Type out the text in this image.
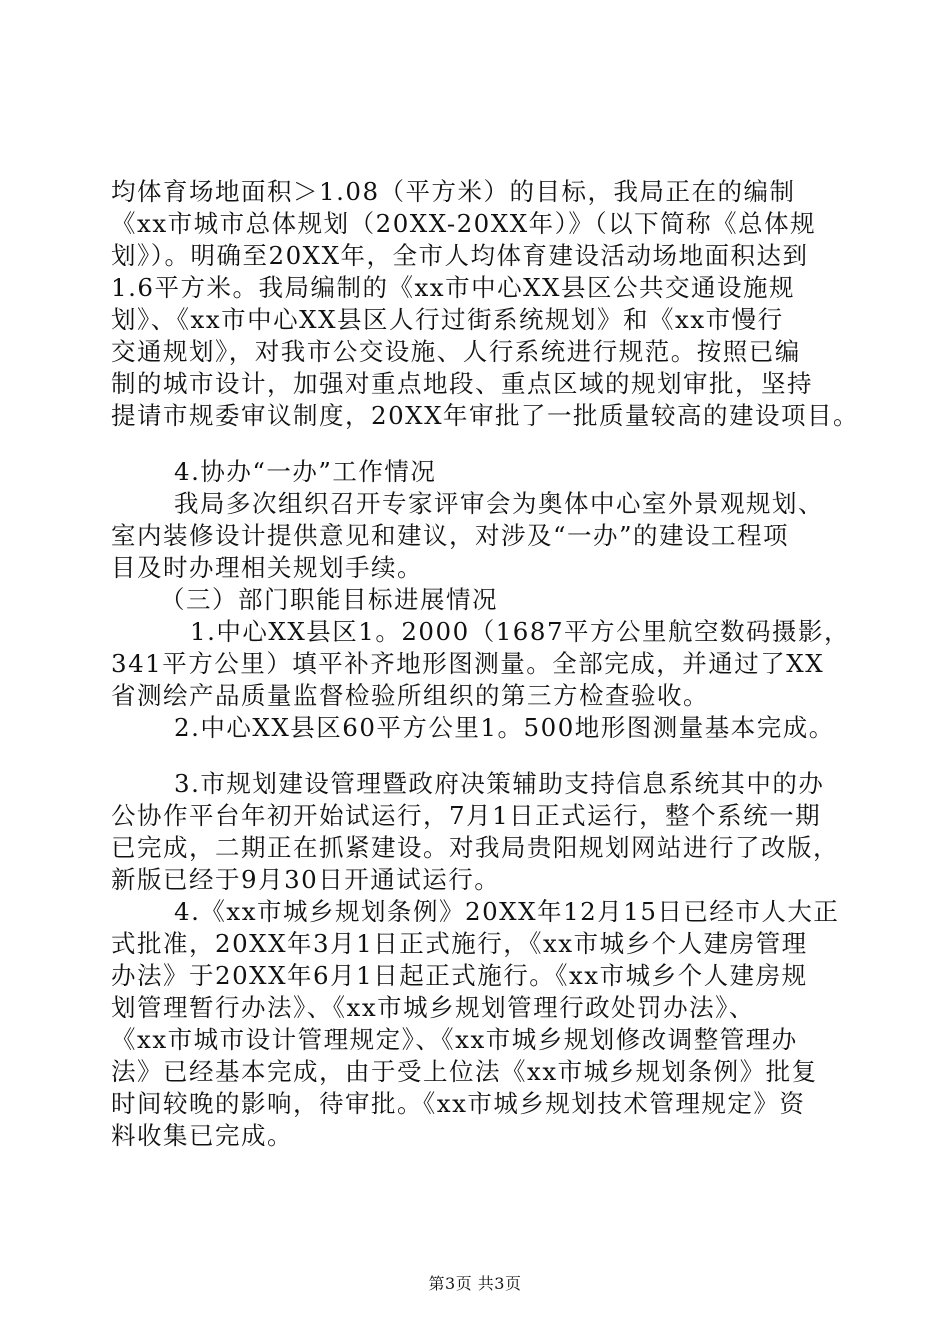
均体育场地面积＞1.08（平方米）的目标，我局正在的编制
《xx市城市总体规划（20XX-20XX年）》（以下简称《总体规
划》）。明确至20XX年，全市人均体育建设活动场地面积达到
1.6平方米。我局编制的《xx市中心XX县区公共交通设施规
划》、《xx市中心XX县区人行过街系统规划》和《xx市慢行
交通规划》，对我市公交设施、人行系统进行规范。按照已编
制的城市设计，加强对重点地段、重点区域的规划审批，坚持
提请市规委审议制度，20XX年审批了一批质量较高的建设项目。
4.协办“一办”工作情况
我局多次组织召开专家评审会为奥体中心室外景观规划、
室内装修设计提供意见和建议，对涉及“一办”的建设工程项
目及时办理相关规划手续。
（三）部门职能目标进展情况
1.中心XX县区1。2000（1687平方公里航空数码摄影，
341平方公里）填平补齐地形图测量。全部完成，并通过了XX
省测绘产品质量监督检验所组织的第三方检查验收。
2.中心XX县区60平方公里1。500地形图测量基本完成。
3.市规划建设管理暨政府决策辅助支持信息系统其中的办
公协作平台年初开始试运行，7月1日正式运行，整个系统一期
已完成，二期正在抓紧建设。对我局贵阳规划网站进行了改版，
新版已经于9月30日开通试运行。
4.《xx市城乡规划条例》20XX年12月15日已经市人大正
式批准，20XX年3月1日正式施行，《xx市城乡个人建房管理
办法》于20XX年6月1日起正式施行。《xx市城乡个人建房规
划管理暂行办法》、《xx市城乡规划管理行政处罚办法》、
《xx市城市设计管理规定》、《xx市城乡规划修改调整管理办
法》已经基本完成，由于受上位法《xx市城乡规划条例》批复
时间较晚的影响，待审批。《xx市城乡规划技术管理规定》资
料收集已完成。
第3页 共3页
